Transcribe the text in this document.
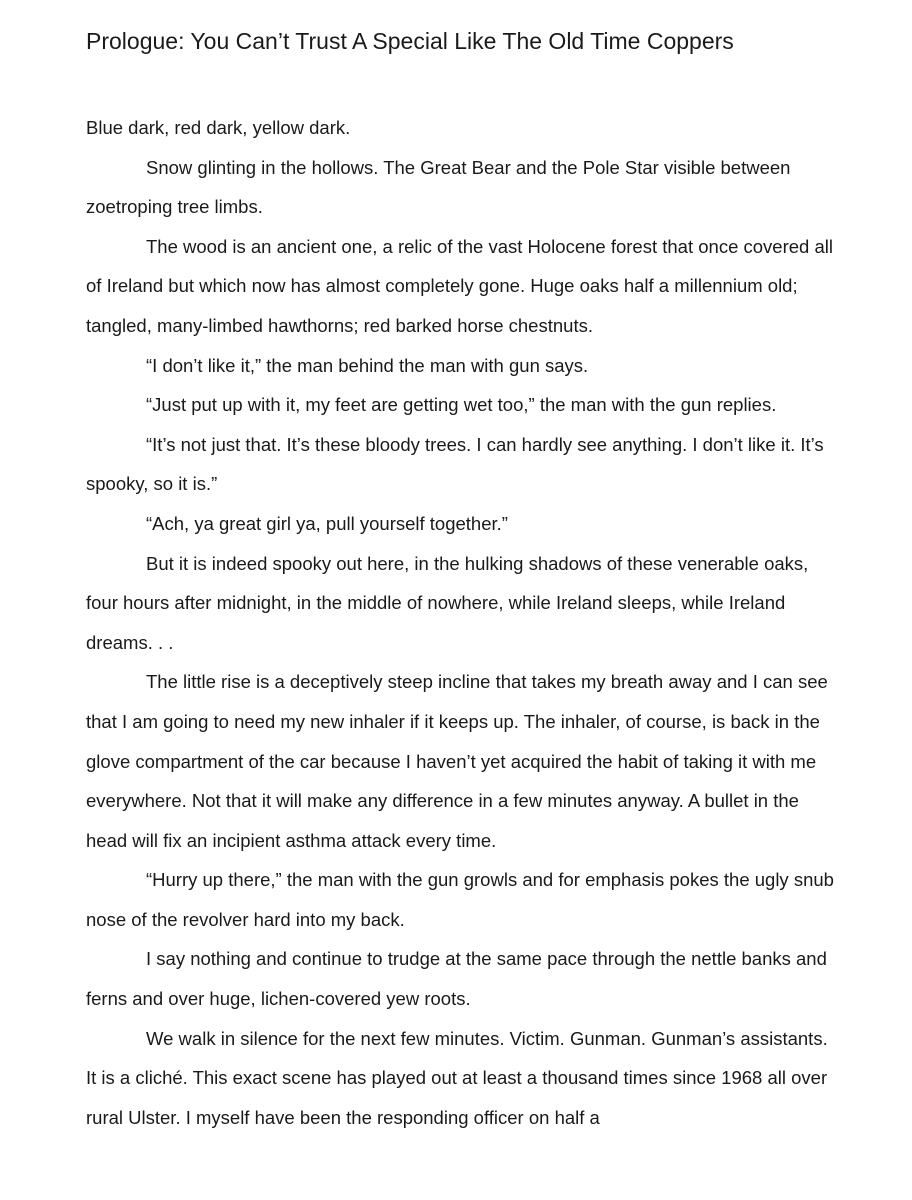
Prologue: You Can’t Trust A Special Like The Old Time Coppers

Blue dark, red dark, yellow dark.

Snow glinting in the hollows. The Great Bear and the Pole Star visible between zoetroping tree limbs.

The wood is an ancient one, a relic of the vast Holocene forest that once covered all of Ireland but which now has almost completely gone. Huge oaks half a millennium old; tangled, many-limbed hawthorns; red barked horse chestnuts.

“I don’t like it,” the man behind the man with gun says.

“Just put up with it, my feet are getting wet too,” the man with the gun replies.

“It’s not just that. It’s these bloody trees. I can hardly see anything. I don’t like it. It’s spooky, so it is.”

“Ach, ya great girl ya, pull yourself together.”

But it is indeed spooky out here, in the hulking shadows of these venerable oaks, four hours after midnight, in the middle of nowhere, while Ireland sleeps, while Ireland dreams. . .

The little rise is a deceptively steep incline that takes my breath away and I can see that I am going to need my new inhaler if it keeps up. The inhaler, of course, is back in the glove compartment of the car because I haven’t yet acquired the habit of taking it with me everywhere. Not that it will make any difference in a few minutes anyway. A bullet in the head will fix an incipient asthma attack every time.

“Hurry up there,” the man with the gun growls and for emphasis pokes the ugly snub nose of the revolver hard into my back.

I say nothing and continue to trudge at the same pace through the nettle banks and ferns and over huge, lichen-covered yew roots.

We walk in silence for the next few minutes. Victim. Gunman. Gunman’s assistants. It is a cliché. This exact scene has played out at least a thousand times since 1968 all over rural Ulster. I myself have been the responding officer on half a
